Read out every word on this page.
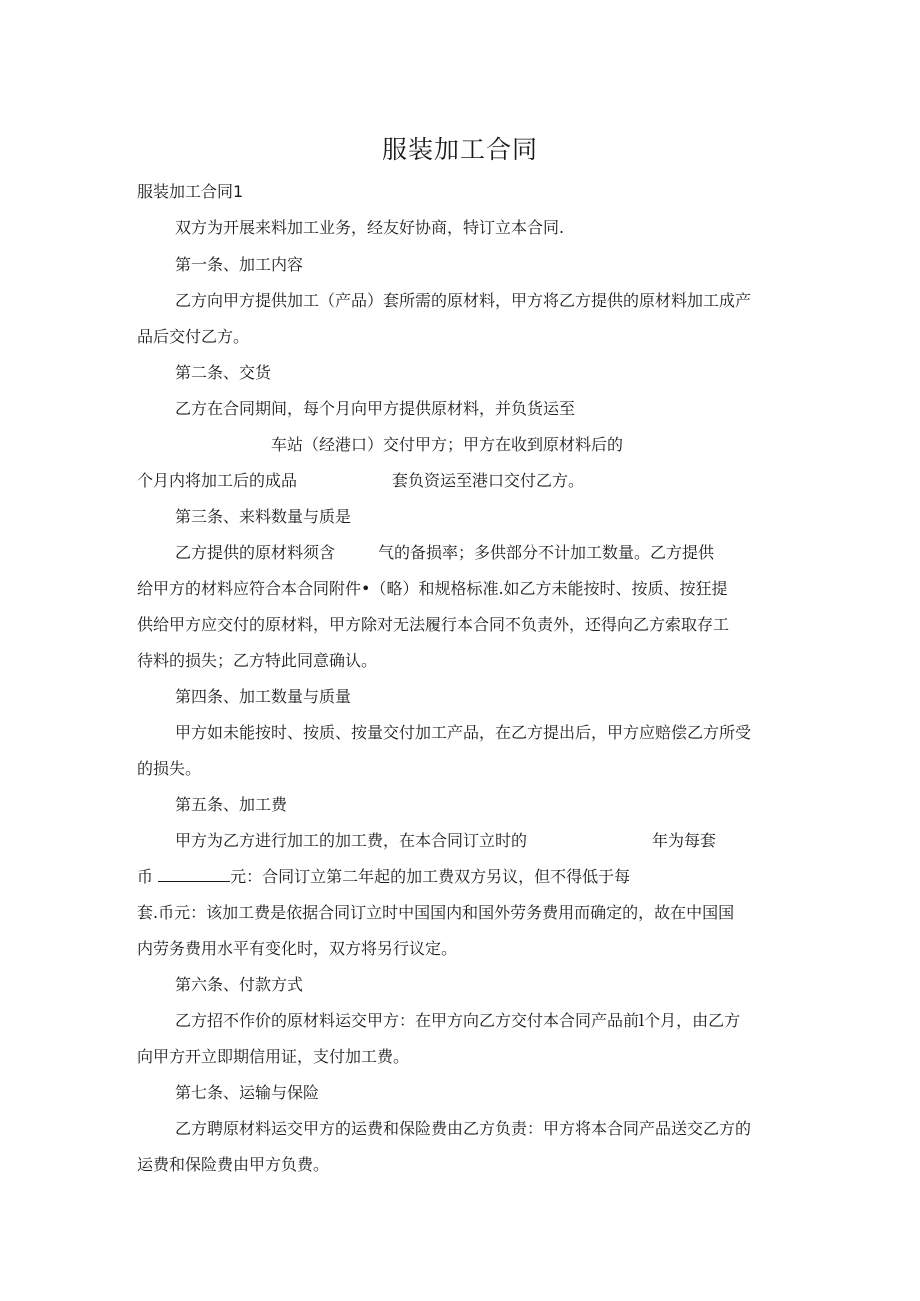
服装加工合同
服装加工合同1
双方为开展来料加工业务，经友好协商，特订立本合同.
第一条、加工内容
乙方向甲方提供加工（产品）套所需的原材料，甲方将乙方提供的原材料加工成产
品后交付乙方。
第二条、交货
乙方在合同期间，每个月向甲方提供原材料，并负货运至
车站（经港口）交付甲方；甲方在收到原材料后的
个月内将加工后的成品	套负资运至港口交付乙方。
第三条、来料数量与质是
乙方提供的原材料须含	气的备损率；多供部分不计加工数量。乙方提供
给甲方的材料应符合本合同附件•（略）和规格标准.如乙方未能按时、按质、按狂提
供给甲方应交付的原材料，甲方除对无法履行本合同不负责外，还得向乙方索取存工
待料的损失；乙方特此同意确认。
第四条、加工数量与质量
甲方如未能按时、按质、按量交付加工产品，在乙方提出后，甲方应赔偿乙方所受
的损失。
第五条、加工费
甲方为乙方进行加工的加工费，在本合同订立时的	年为每套
币	元：合同订立第二年起的加工费双方另议，但不得低于每
套.币元：该加工费是依据合同订立时中国国内和国外劳务费用而确定的，故在中国国
内劳务费用水平有变化时，双方将另行议定。
第六条、付款方式
乙方招不作价的原材料运交甲方：在甲方向乙方交付本合同产品前l个月，由乙方
向甲方开立即期信用证，支付加工费。
第七条、运输与保险
乙方聘原材料运交甲方的运费和保险费由乙方负责：甲方将本合同产品送交乙方的
运费和保险费由甲方负费。
